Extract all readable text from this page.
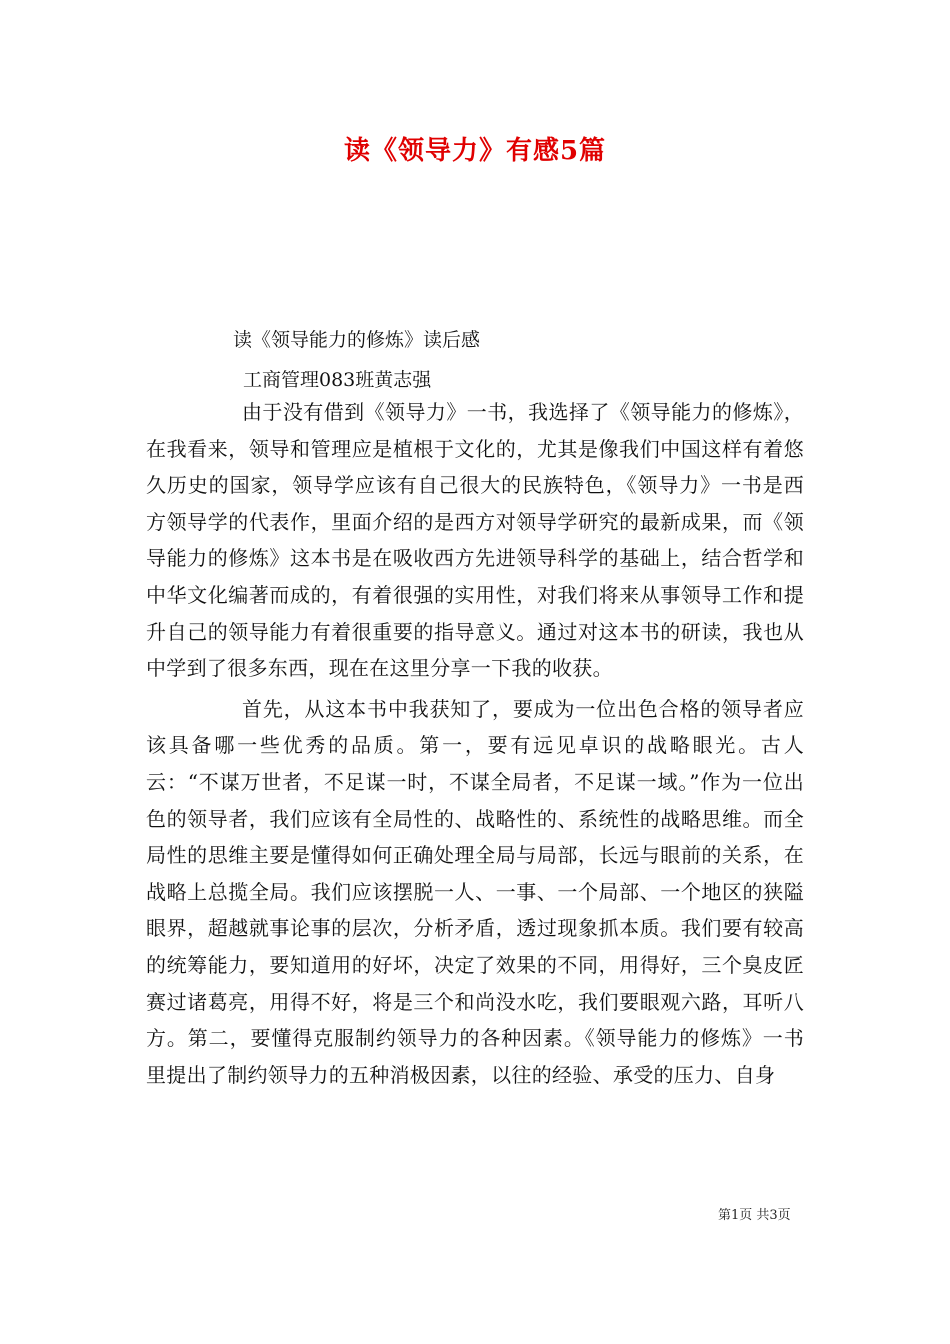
读《领导力》有感5篇
读《领导能力的修炼》读后感
工商管理083班黄志强

由于没有借到《领导力》一书，我选择了《领导能力的修炼》，在我看来，领导和管理应是植根于文化的，尤其是像我们中国这样有着悠久历史的国家，领导学应该有自己很大的民族特色，《领导力》一书是西方领导学的代表作，里面介绍的是西方对领导学研究的最新成果，而《领导能力的修炼》这本书是在吸收西方先进领导科学的基础上，结合哲学和中华文化编著而成的，有着很强的实用性，对我们将来从事领导工作和提升自己的领导能力有着很重要的指导意义。通过对这本书的研读，我也从中学到了很多东西，现在在这里分享一下我的收获。

首先，从这本书中我获知了，要成为一位出色合格的领导者应该具备哪一些优秀的品质。第一，要有远见卓识的战略眼光。古人云：“不谋万世者，不足谋一时，不谋全局者，不足谋一域。”作为一位出色的领导者，我们应该有全局性的、战略性的、系统性的战略思维。而全局性的思维主要是懂得如何正确处理全局与局部，长远与眼前的关系，在战略上总揽全局。我们应该摆脱一人、一事、一个局部、一个地区的狭隘眼界，超越就事论事的层次，分析矛盾，透过现象抓本质。我们要有较高的统筹能力，要知道用的好坏，决定了效果的不同，用得好，三个臭皮匠赛过诸葛亮，用得不好，将是三个和尚没水吃，我们要眼观六路，耳听八方。第二，要懂得克服制约领导力的各种因素。《领导能力的修炼》一书里提出了制约领导力的五种消极因素，以往的经验、承受的压力、自身

第1页 共3页
